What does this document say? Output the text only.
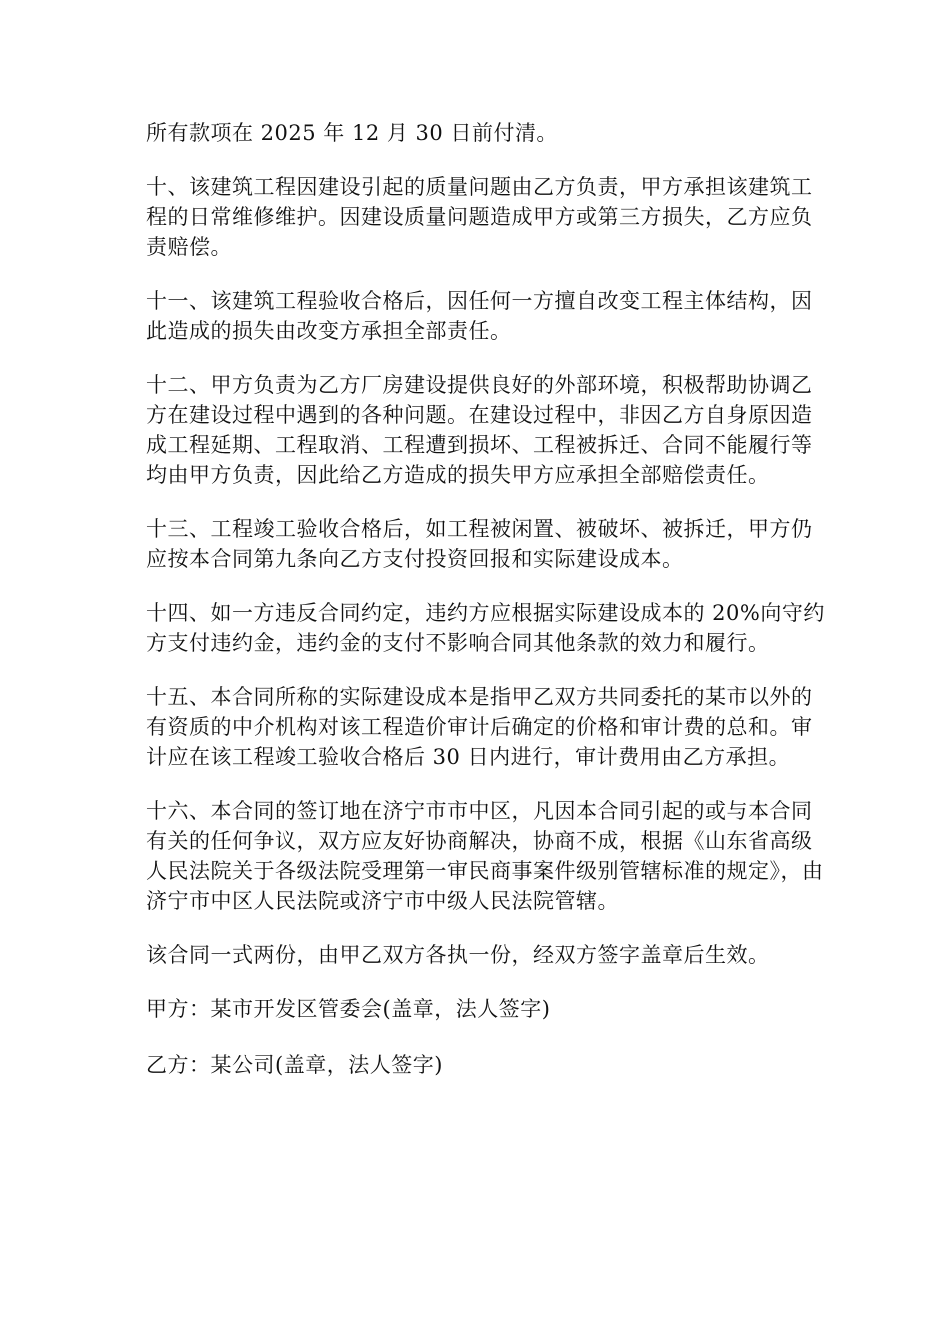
所有款项在 2025 年 12 月 30 日前付清。

十、该建筑工程因建设引起的质量问题由乙方负责，甲方承担该建筑工程的日常维修维护。因建设质量问题造成甲方或第三方损失，乙方应负责赔偿。

十一、该建筑工程验收合格后，因任何一方擅自改变工程主体结构，因此造成的损失由改变方承担全部责任。

十二、甲方负责为乙方厂房建设提供良好的外部环境，积极帮助协调乙方在建设过程中遇到的各种问题。在建设过程中，非因乙方自身原因造成工程延期、工程取消、工程遭到损坏、工程被拆迁、合同不能履行等均由甲方负责，因此给乙方造成的损失甲方应承担全部赔偿责任。

十三、工程竣工验收合格后，如工程被闲置、被破坏、被拆迁，甲方仍应按本合同第九条向乙方支付投资回报和实际建设成本。

十四、如一方违反合同约定，违约方应根据实际建设成本的 20%向守约方支付违约金，违约金的支付不影响合同其他条款的效力和履行。

十五、本合同所称的实际建设成本是指甲乙双方共同委托的某市以外的有资质的中介机构对该工程造价审计后确定的价格和审计费的总和。审计应在该工程竣工验收合格后 30 日内进行，审计费用由乙方承担。

十六、本合同的签订地在济宁市市中区，凡因本合同引起的或与本合同有关的任何争议，双方应友好协商解决，协商不成，根据《山东省高级人民法院关于各级法院受理第一审民商事案件级别管辖标准的规定》，由济宁市中区人民法院或济宁市中级人民法院管辖。

该合同一式两份，由甲乙双方各执一份，经双方签字盖章后生效。

甲方：某市开发区管委会(盖章，法人签字)

乙方：某公司(盖章，法人签字)
